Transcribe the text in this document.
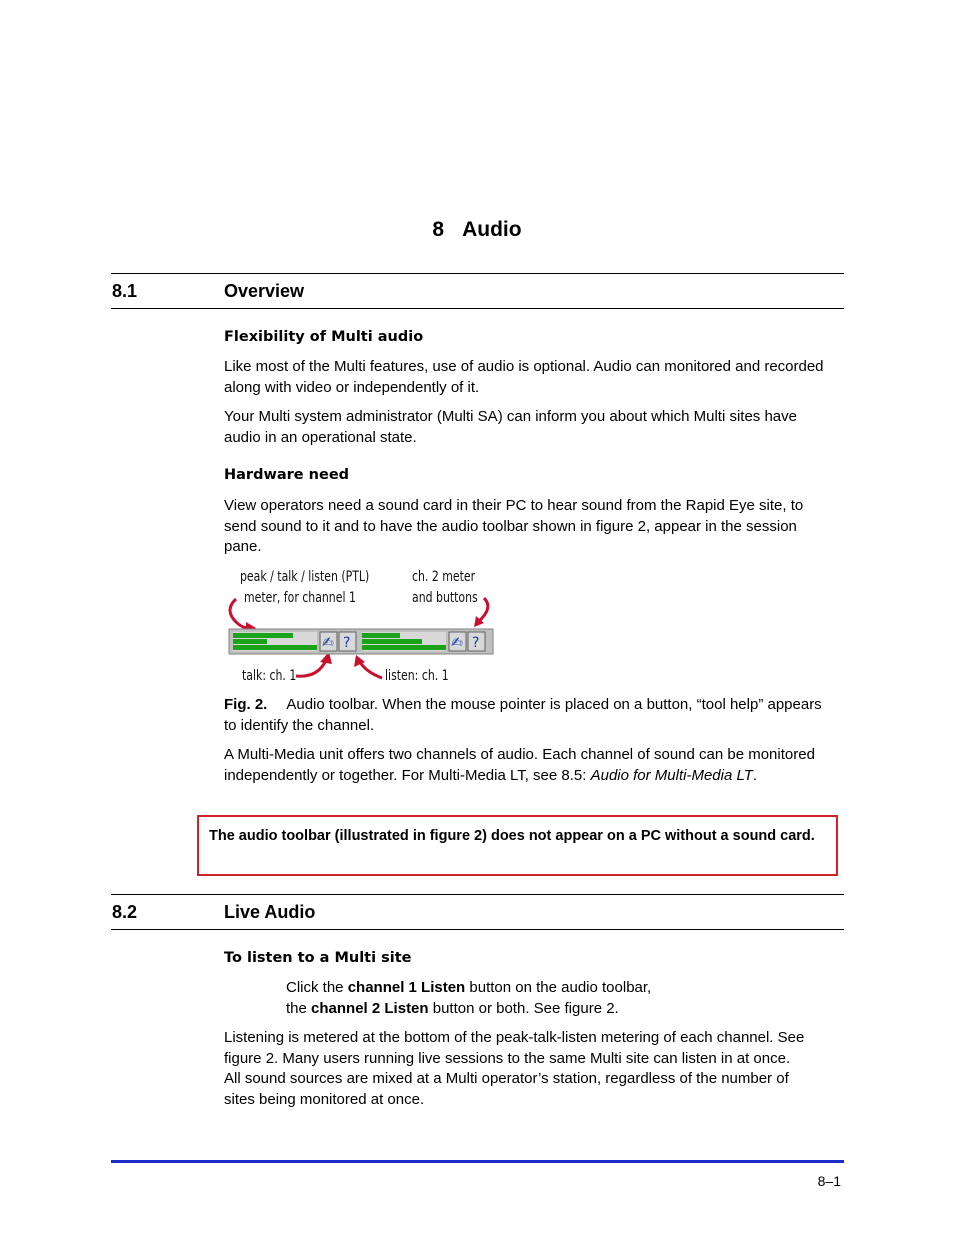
8 Audio
8.1	Overview
Flexibility of Multi audio

Like most of the Multi features, use of audio is optional. Audio can monitored and recorded along with video or independently of it.

Your Multi system administrator (Multi SA) can inform you about which Multi sites have audio in an operational state.

Hardware need

View operators need a sound card in their PC to hear sound from the Rapid Eye site, to send sound to it and to have the audio toolbar shown in figure 2, appear in the session pane.

peak / talk / listen (PTL)
meter, for channel 1
ch. 2 meter
and buttons
talk: ch. 1	listen: ch. 1
✍ ?	✍ ?

Fig. 2. Audio toolbar. When the mouse pointer is placed on a button, “tool help” appears to identify the channel.

A Multi-Media unit offers two channels of audio. Each channel of sound can be monitored independently or together. For Multi-Media LT, see 8.5: Audio for Multi-Media LT.

The audio toolbar (illustrated in figure 2) does not appear on a PC without a sound card.
8.2	Live Audio
To listen to a Multi site

Click the channel 1 Listen button on the audio toolbar,

the channel 2 Listen button or both. See figure 2.

Listening is metered at the bottom of the peak-talk-listen metering of each channel. See figure 2. Many users running live sessions to the same Multi site can listen in at once. All sound sources are mixed at a Multi operator’s station, regardless of the number of sites being monitored at once.

8–1
